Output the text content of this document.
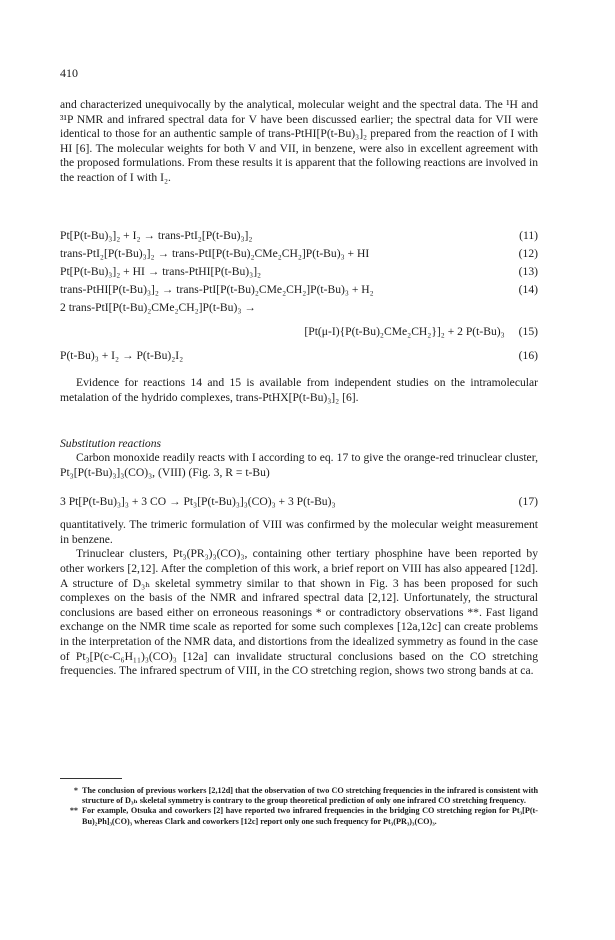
410

and characterized unequivocally by the analytical, molecular weight and the spectral data. The ¹H and ³¹P NMR and infrared spectral data for V have been discussed earlier; the spectral data for VII were identical to those for an authentic sample of trans-PtHI[P(t-Bu)₃]₂ prepared from the reaction of I with HI [6]. The molecular weights for both V and VII, in benzene, were also in excellent agreement with the proposed formulations. From these results it is apparent that the following reactions are involved in the reaction of I with I₂.

Pt[P(t-Bu)₃]₂ + I₂ → trans-PtI₂[P(t-Bu)₃]₂	(11)
trans-PtI₂[P(t-Bu)₃]₂ → trans-PtI[P(t-Bu)₂CMe₂CH₂]P(t-Bu)₃ + HI	(12)
Pt[P(t-Bu)₃]₂ + HI → trans-PtHI[P(t-Bu)₃]₂	(13)
trans-PtHI[P(t-Bu)₃]₂ → trans-PtI[P(t-Bu)₂CMe₂CH₂]P(t-Bu)₃ + H₂	(14)
2 trans-PtI[P(t-Bu)₂CMe₂CH₂]P(t-Bu)₃ →
[Pt(μ-I){P(t-Bu)₂CMe₂CH₂}]₂ + 2 P(t-Bu)₃ (15)
P(t-Bu)₃ + I₂ → P(t-Bu)₂I₂	(16)

Evidence for reactions 14 and 15 is available from independent studies on the intramolecular metalation of the hydrido complexes, trans-PtHX[P(t-Bu)₃]₂ [6].

Substitution reactions

Carbon monoxide readily reacts with I according to eq. 17 to give the orange-red trinuclear cluster, Pt₃[P(t-Bu)₃]₃(CO)₃, (VIII) (Fig. 3, R = t-Bu)

3 Pt[P(t-Bu)₃]₃ + 3 CO → Pt₃[P(t-Bu)₃]₃(CO)₃ + 3 P(t-Bu)₃	(17)

quantitatively. The trimeric formulation of VIII was confirmed by the molecular weight measurement in benzene.

Trinuclear clusters, Pt₃(PR₃)₃(CO)₃, containing other tertiary phosphine have been reported by other workers [2,12]. After the completion of this work, a brief report on VIII has also appeared [12d]. A structure of D₃ₕ skeletal symmetry similar to that shown in Fig. 3 has been proposed for such complexes on the basis of the NMR and infrared spectral data [2,12]. Unfortunately, the structural conclusions are based either on erroneous reasonings * or contradictory observations **. Fast ligand exchange on the NMR time scale as reported for some such complexes [12a,12c] can create problems in the interpretation of the NMR data, and distortions from the idealized symmetry as found in the case of Pt₃[P(c-C₆H₁₁)₃(CO)₃ [12a] can invalidate structural conclusions based on the CO stretching frequencies. The infrared spectrum of VIII, in the CO stretching region, shows two strong bands at ca.

* The conclusion of previous workers [2,12d] that the observation of two CO stretching frequencies in the infrared is consistent with structure of D₃ₕ skeletal symmetry is contrary to the group theoretical prediction of only one infrared CO stretching frequency.
** For example, Otsuka and coworkers [2] have reported two infrared frequencies in the bridging CO stretching region for Pt₃[P(t-Bu)₂Ph]₃(CO)₃ whereas Clark and coworkers [12c] report only one such frequency for Pt₃(PR₃)₃(CO)₃.
